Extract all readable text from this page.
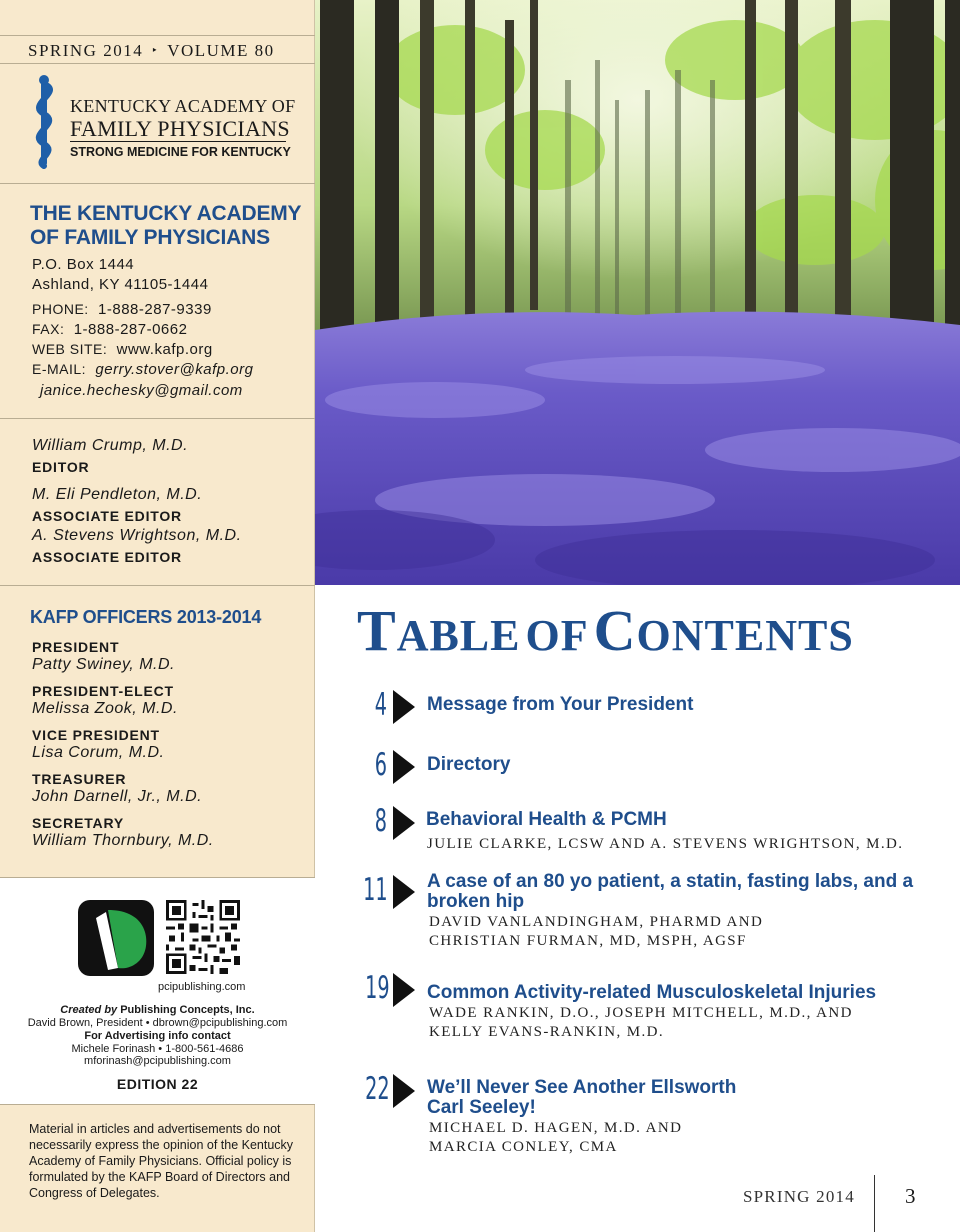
SPRING 2014 ‣ VOLUME 80
KENTUCKY ACADEMY OF
FAMILY PHYSICIANS
STRONG MEDICINE FOR KENTUCKY
THE KENTUCKY ACADEMY
OF FAMILY PHYSICIANS
P.O. Box 1444
Ashland, KY 41105-1444
PHONE: 1-888-287-9339
FAX: 1-888-287-0662
WEB SITE: www.kafp.org
E-MAIL: gerry.stover@kafp.org
janice.hechesky@gmail.com
William Crump, M.D.
EDITOR
M. Eli Pendleton, M.D.
ASSOCIATE EDITOR
A. Stevens Wrightson, M.D.
ASSOCIATE EDITOR
KAFP OFFICERS 2013-2014
PRESIDENT
Patty Swiney, M.D.
PRESIDENT-ELECT
Melissa Zook, M.D.
VICE PRESIDENT
Lisa Corum, M.D.
TREASURER
John Darnell, Jr., M.D.
SECRETARY
William Thornbury, M.D.
pcipublishing.com
Created by Publishing Concepts, Inc.
David Brown, President • dbrown@pcipublishing.com
For Advertising info contact
Michele Forinash • 1-800-561-4686
mforinash@pcipublishing.com
EDITION 22
Material in articles and advertisements do not necessarily express the opinion of the Kentucky Academy of Family Physicians. Official policy is formulated by the KAFP Board of Directors and Congress of Delegates.
TABLE OF CONTENTS
4 Message from Your President
6 Directory
8 Behavioral Health & PCMH
JULIE CLARKE, LCSW AND A. STEVENS WRIGHTSON, M.D.
11 A case of an 80 yo patient, a statin, fasting labs, and a broken hip
DAVID VANLANDINGHAM, PHARMD AND
CHRISTIAN FURMAN, MD, MSPH, AGSF
19 Common Activity-related Musculoskeletal Injuries
WADE RANKIN, D.O., JOSEPH MITCHELL, M.D., AND
KELLY EVANS-RANKIN, M.D.
22 We’ll Never See Another Ellsworth Carl Seeley!
MICHAEL D. HAGEN, M.D. AND
MARCIA CONLEY, CMA
SPRING 2014 3
